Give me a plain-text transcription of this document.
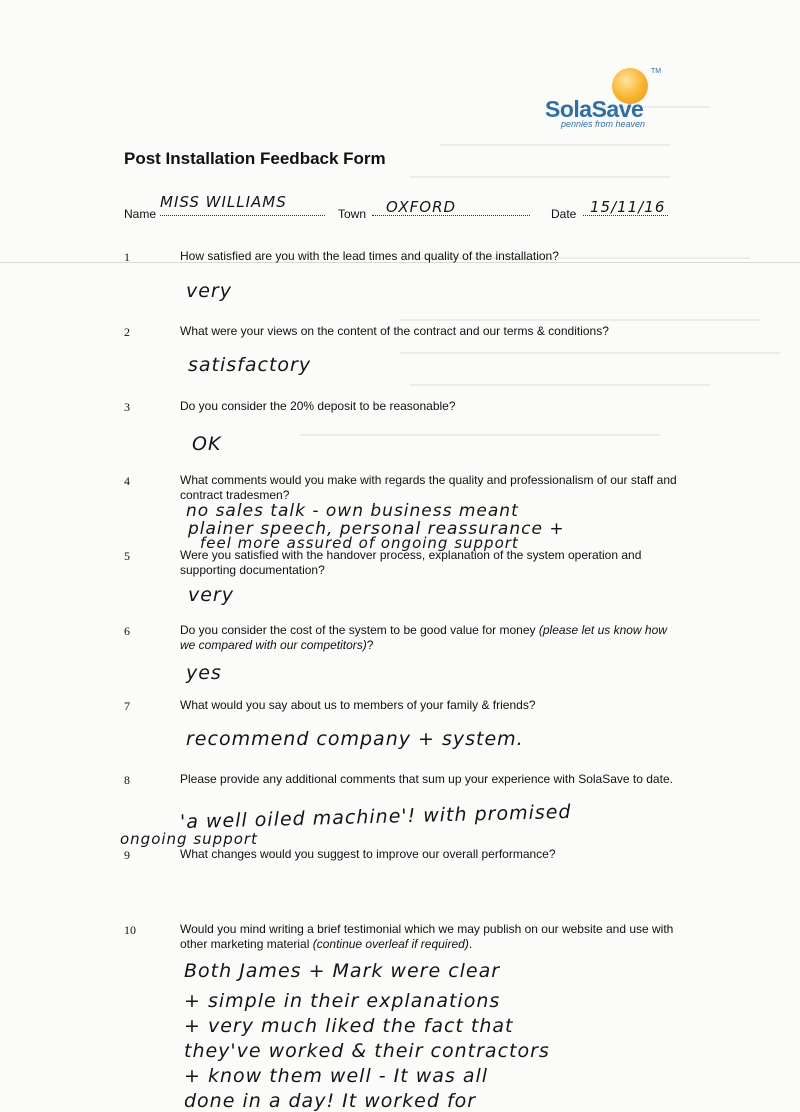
SolaSave
TM
pennies from heaven
Post Installation Feedback Form
Name
MISS WILLIAMS
Town OXFORD	Date 15/11/16
1	How satisfied are you with the lead times and quality of the installation?
very
2	What were your views on the content of the contract and our terms & conditions?
satisfactory
3	Do you consider the 20% deposit to be reasonable?
OK
4	What comments would you make with regards the quality and professionalism of our staff and contract tradesmen?
no sales talk - own business meant
plainer speech, personal reassurance +
feel more assured of ongoing support
5	Were you satisfied with the handover process, explanation of the system operation and supporting documentation?
very
6	Do you consider the cost of the system to be good value for money (please let us know how we compared with our competitors)?
yes
7	What would you say about us to members of your family & friends?
recommend company + system.
8	Please provide any additional comments that sum up your experience with SolaSave to date.
'a well oiled machine'! with promised
ongoing support
9	What changes would you suggest to improve our overall performance?
10	Would you mind writing a brief testimonial which we may publish on our website and use with other marketing material (continue overleaf if required).
Both James + Mark were clear
+ simple in their explanations
+ very much liked the fact that
they've worked & their contractors
+ know them well - It was all
done in a day! It worked for
